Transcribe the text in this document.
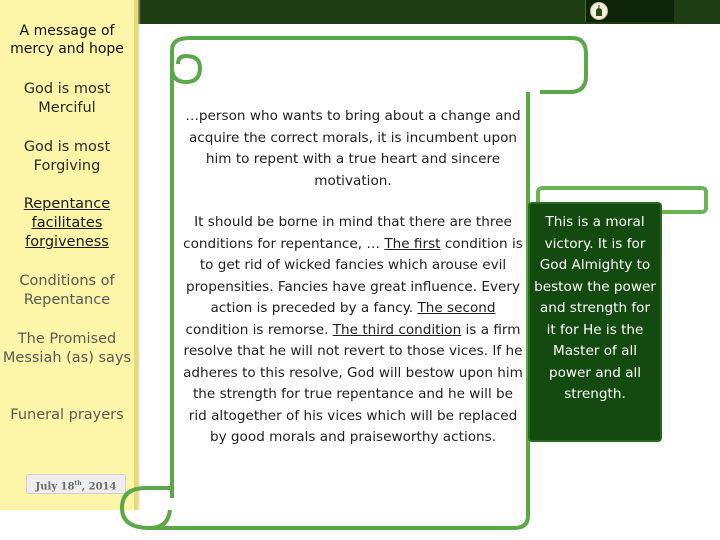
A message of mercy and hope
God is most Merciful
God is most Forgiving
Repentance facilitates forgiveness
Conditions of Repentance
The Promised Messiah (as) says
Funeral prayers
July 18th, 2014
…person who wants to bring about a change and acquire the correct morals, it is incumbent upon him to repent with a true heart and sincere motivation.
It should be borne in mind that there are three conditions for repentance, … The first condition is to get rid of wicked fancies which arouse evil propensities. Fancies have great influence. Every action is preceded by a fancy. The second condition is remorse. The third condition is a firm resolve that he will not revert to those vices. If he adheres to this resolve, God will bestow upon him the strength for true repentance and he will be rid altogether of his vices which will be replaced by good morals and praiseworthy actions.
This is a moral victory. It is for God Almighty to bestow the power and strength for it for He is the Master of all power and all strength.
